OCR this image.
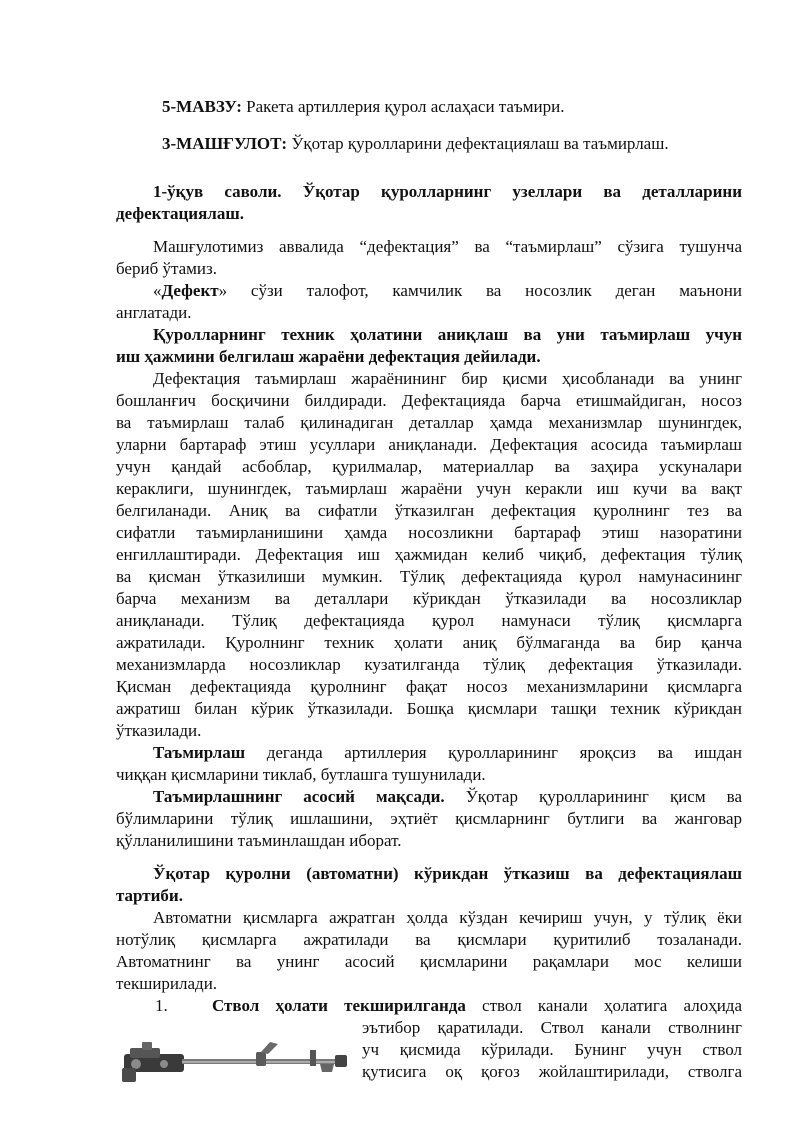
5-МАВЗУ: Ракета артиллерия қурол аслаҳаси таъмири.
3-МАШҒУЛОТ: Ўқотар қуролларини дефектациялаш ва таъмирлаш.
1-ўқув саволи. Ўқотар қуролларнинг узеллари ва деталларини
дефектациялаш.
Машғулотимиз аввалида “дефектация” ва “таъмирлаш” сўзига тушунча
бериб ўтамиз.
«Дефект» сўзи талофот, камчилик ва носозлик деган маънони
англатади.
Қуролларнинг техник ҳолатини аниқлаш ва уни таъмирлаш учун
иш ҳажмини белгилаш жараёни дефектация дейилади.
Дефектация таъмирлаш жараёнининг бир қисми ҳисобланади ва унинг
бошланғич босқичини билдиради. Дефектацияда барча етишмайдиган, носоз
ва таъмирлаш талаб қилинадиган деталлар ҳамда механизмлар шунингдек,
уларни бартараф этиш усуллари аниқланади. Дефектация асосида таъмирлаш
учун қандай асбоблар, қурилмалар, материаллар ва заҳира ускуналари
кераклиги, шунингдек, таъмирлаш жараёни учун керакли иш кучи ва вақт
белгиланади. Аниқ ва сифатли ўтказилган дефектация қуролнинг тез ва
сифатли таъмирланишини ҳамда носозликни бартараф этиш назоратини
енгиллаштиради. Дефектация иш ҳажмидан келиб чиқиб, дефектация тўлиқ
ва қисман ўтказилиши мумкин. Тўлиқ дефектацияда қурол намунасининг
барча механизм ва деталлари кўрикдан ўтказилади ва носозликлар
аниқланади. Тўлиқ дефектацияда қурол намунаси тўлиқ қисмларга
ажратилади. Қуролнинг техник ҳолати аниқ бўлмаганда ва бир қанча
механизмларда носозликлар кузатилганда тўлиқ дефектация ўтказилади.
Қисман дефектацияда қуролнинг фақат носоз механизмларини қисмларга
ажратиш билан кўрик ўтказилади. Бошқа қисмлари ташқи техник кўрикдан
ўтказилади.
Таъмирлаш деганда артиллерия қуролларининг яроқсиз ва ишдан
чиққан қисмларини тиклаб, бутлашга тушунилади.
Таъмирлашнинг асосий мақсади. Ўқотар қуролларининг қисм ва
бўлимларини тўлиқ ишлашини, эҳтиёт қисмларнинг бутлиги ва жанговар
қўлланилишини таъминлашдан иборат.
Ўқотар қуролни (автоматни) кўрикдан ўтказиш ва дефектациялаш
тартиби.
Автоматни қисмларга ажратган ҳолда кўздан кечириш учун, у тўлиқ ёки
нотўлиқ қисмларга ажратилади ва қисмлари қуритилиб тозаланади.
Автоматнинг ва унинг асосий қисмларини рақамлари мос келиши
текширилади.
1.	Ствол ҳолати текширилганда ствол канали ҳолатига алоҳида
эътибор қаратилади. Ствол канали стволнинг
уч қисмида кўрилади. Бунинг учун ствол
қутисига оқ қоғоз жойлаштирилади, стволга
